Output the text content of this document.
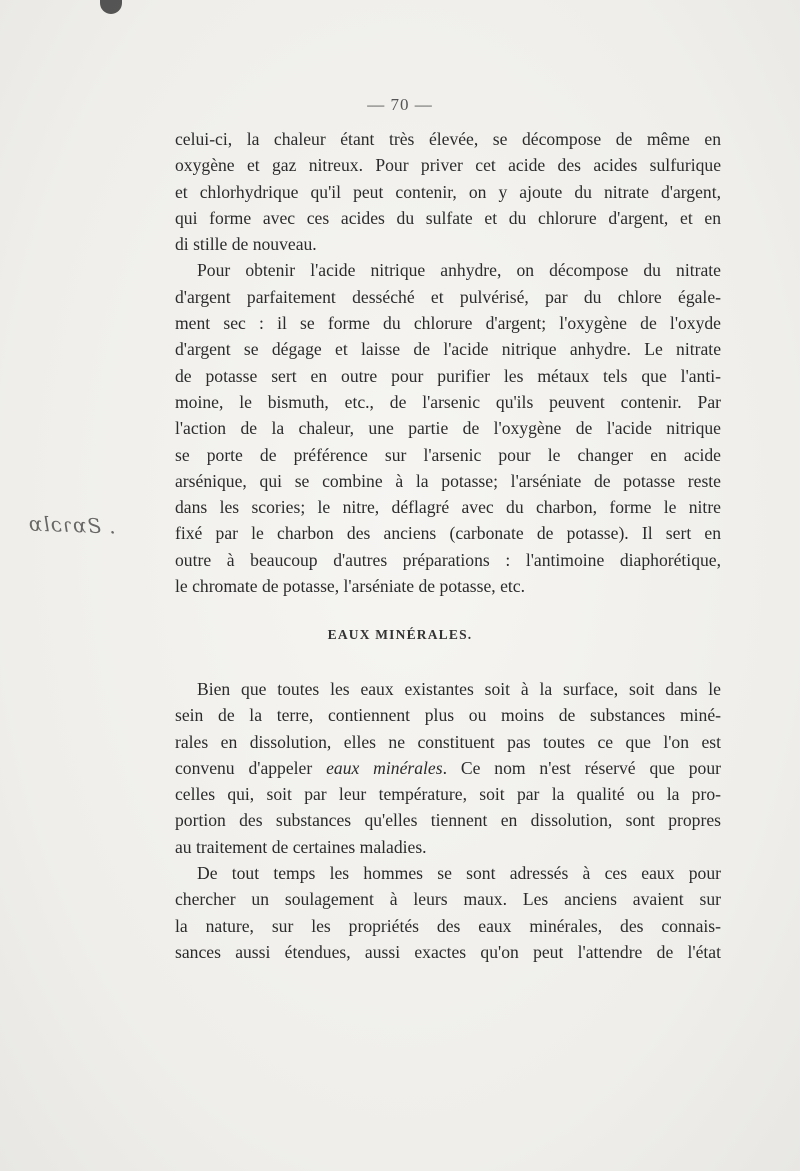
— 70 —
. Ƨɒɿɔlɒ
celui-ci, la chaleur étant très élevée, se décompose de même en
oxygène et gaz nitreux. Pour priver cet acide des acides sulfurique
et chlorhydrique qu'il peut contenir, on y ajoute du nitrate d'argent,
qui forme avec ces acides du sulfate et du chlorure d'argent, et en
di stille de nouveau.
Pour obtenir l'acide nitrique anhydre, on décompose du nitrate
d'argent parfaitement desséché et pulvérisé, par du chlore égale-
ment sec : il se forme du chlorure d'argent; l'oxygène de l'oxyde
d'argent se dégage et laisse de l'acide nitrique anhydre. Le nitrate
de potasse sert en outre pour purifier les métaux tels que l'anti-
moine, le bismuth, etc., de l'arsenic qu'ils peuvent contenir. Par
l'action de la chaleur, une partie de l'oxygène de l'acide nitrique
se porte de préférence sur l'arsenic pour le changer en acide
arsénique, qui se combine à la potasse; l'arséniate de potasse reste
dans les scories; le nitre, déflagré avec du charbon, forme le nitre
fixé par le charbon des anciens (carbonate de potasse). Il sert en
outre à beaucoup d'autres préparations : l'antimoine diaphorétique,
le chromate de potasse, l'arséniate de potasse, etc.
EAUX MINÉRALES.
Bien que toutes les eaux existantes soit à la surface, soit dans le
sein de la terre, contiennent plus ou moins de substances miné-
rales en dissolution, elles ne constituent pas toutes ce que l'on est
convenu d'appeler eaux minérales. Ce nom n'est réservé que pour
celles qui, soit par leur température, soit par la qualité ou la pro-
portion des substances qu'elles tiennent en dissolution, sont propres
au traitement de certaines maladies.
De tout temps les hommes se sont adressés à ces eaux pour
chercher un soulagement à leurs maux. Les anciens avaient sur
la nature, sur les propriétés des eaux minérales, des connais-
sances aussi étendues, aussi exactes qu'on peut l'attendre de l'état
